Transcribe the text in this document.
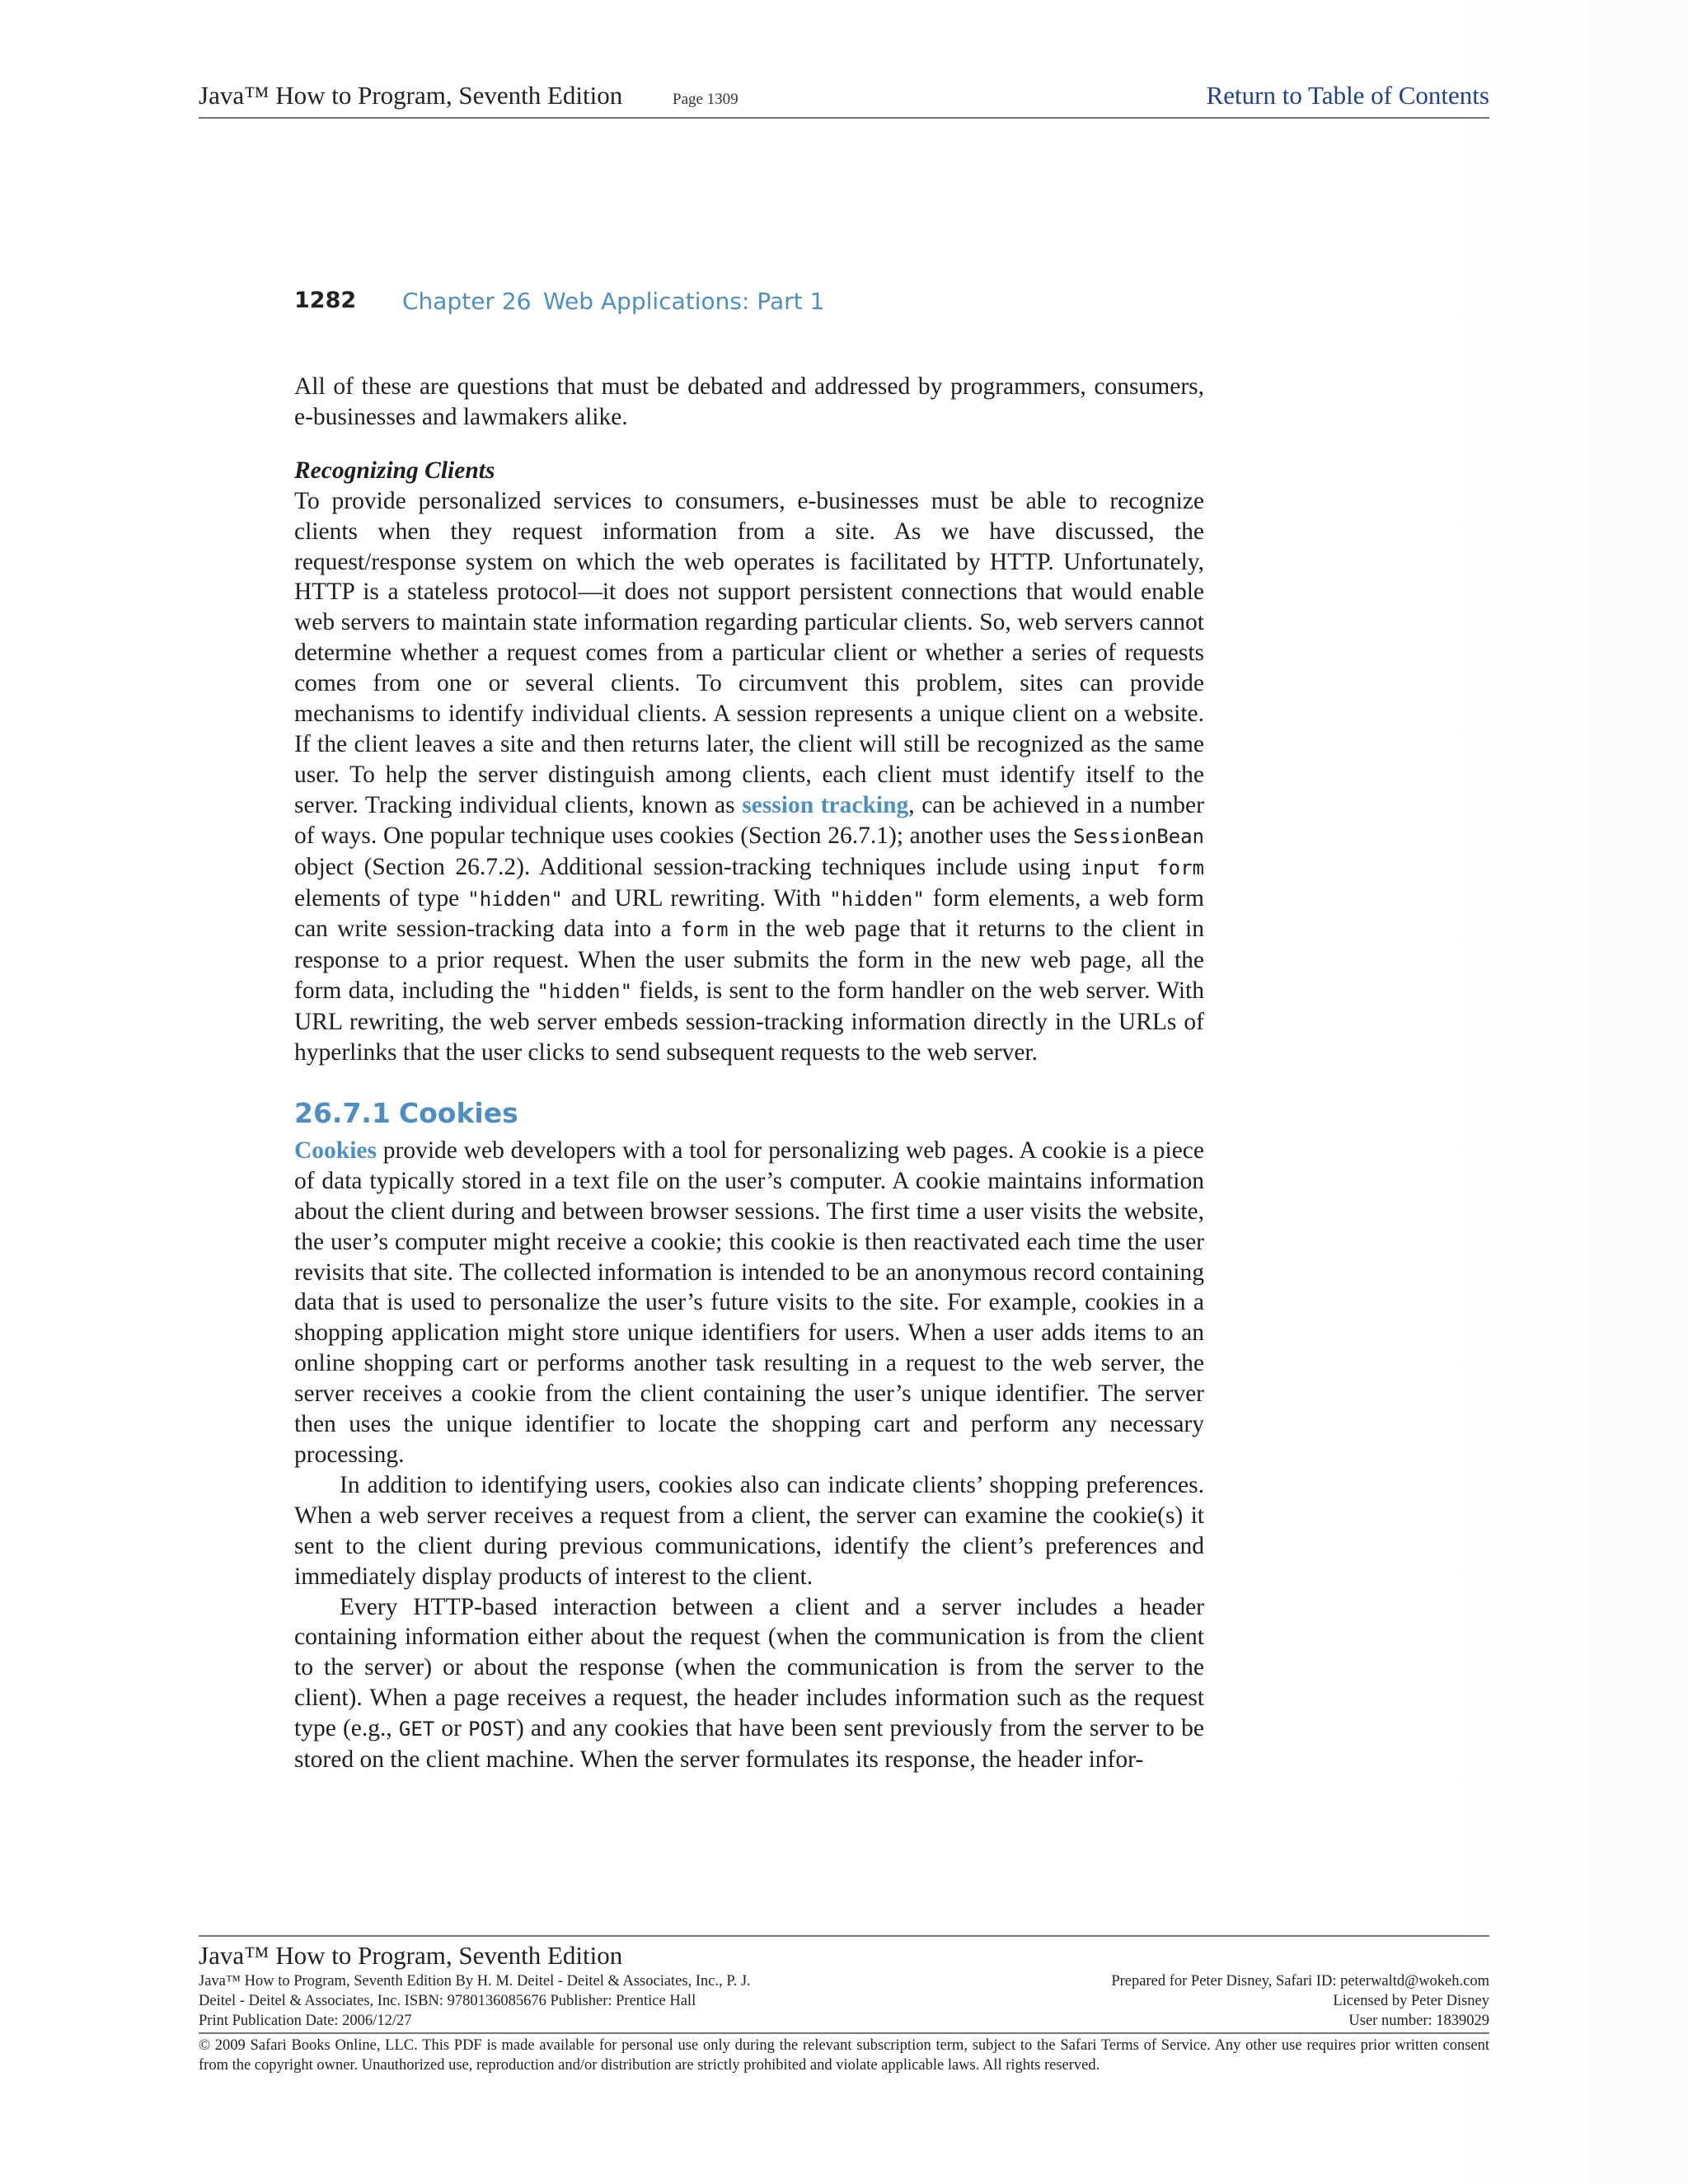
Java™ How to Program, Seventh Edition	Page 1309	Return to Table of Contents
1282 Chapter 26 Web Applications: Part 1

All of these are questions that must be debated and addressed by programmers, consumers, e-businesses and lawmakers alike.

Recognizing Clients

To provide personalized services to consumers, e-businesses must be able to recognize clients when they request information from a site. As we have discussed, the request/response system on which the web operates is facilitated by HTTP. Unfortunately, HTTP is a stateless protocol—it does not support persistent connections that would enable web servers to maintain state information regarding particular clients. So, web servers cannot determine whether a request comes from a particular client or whether a series of requests comes from one or several clients. To circumvent this problem, sites can provide mechanisms to identify individual clients. A session represents a unique client on a website. If the client leaves a site and then returns later, the client will still be recognized as the same user. To help the server distinguish among clients, each client must identify itself to the server. Tracking individual clients, known as session tracking, can be achieved in a number of ways. One popular technique uses cookies (Section 26.7.1); another uses the SessionBean object (Section 26.7.2). Additional session-tracking techniques include using input form elements of type "hidden" and URL rewriting. With "hidden" form elements, a web form can write session-tracking data into a form in the web page that it returns to the client in response to a prior request. When the user submits the form in the new web page, all the form data, including the "hidden" fields, is sent to the form handler on the web server. With URL rewriting, the web server embeds session-tracking information directly in the URLs of hyperlinks that the user clicks to send subsequent requests to the web server.

26.7.1 Cookies

Cookies provide web developers with a tool for personalizing web pages. A cookie is a piece of data typically stored in a text file on the user’s computer. A cookie maintains information about the client during and between browser sessions. The first time a user visits the website, the user’s computer might receive a cookie; this cookie is then reactivated each time the user revisits that site. The collected information is intended to be an anonymous record containing data that is used to personalize the user’s future visits to the site. For example, cookies in a shopping application might store unique identifiers for users. When a user adds items to an online shopping cart or performs another task resulting in a request to the web server, the server receives a cookie from the client containing the user’s unique identifier. The server then uses the unique identifier to locate the shopping cart and perform any necessary processing.

In addition to identifying users, cookies also can indicate clients’ shopping preferences. When a web server receives a request from a client, the server can examine the cookie(s) it sent to the client during previous communications, identify the client’s preferences and immediately display products of interest to the client.

Every HTTP-based interaction between a client and a server includes a header containing information either about the request (when the communication is from the client to the server) or about the response (when the communication is from the server to the client). When a page receives a request, the header includes information such as the request type (e.g., GET or POST) and any cookies that have been sent previously from the server to be stored on the client machine. When the server formulates its response, the header infor-

Java™ How to Program, Seventh Edition
Java™ How to Program, Seventh Edition By H. M. Deitel - Deitel & Associates, Inc., P. J.
Deitel - Deitel & Associates, Inc. ISBN: 9780136085676 Publisher: Prentice Hall
Print Publication Date: 2006/12/27
Prepared for Peter Disney, Safari ID: peterwaltd@wokeh.com
Licensed by Peter Disney
User number: 1839029
© 2009 Safari Books Online, LLC. This PDF is made available for personal use only during the relevant subscription term, subject to the Safari Terms of Service. Any other use requires prior written consent from the copyright owner. Unauthorized use, reproduction and/or distribution are strictly prohibited and violate applicable laws. All rights reserved.
